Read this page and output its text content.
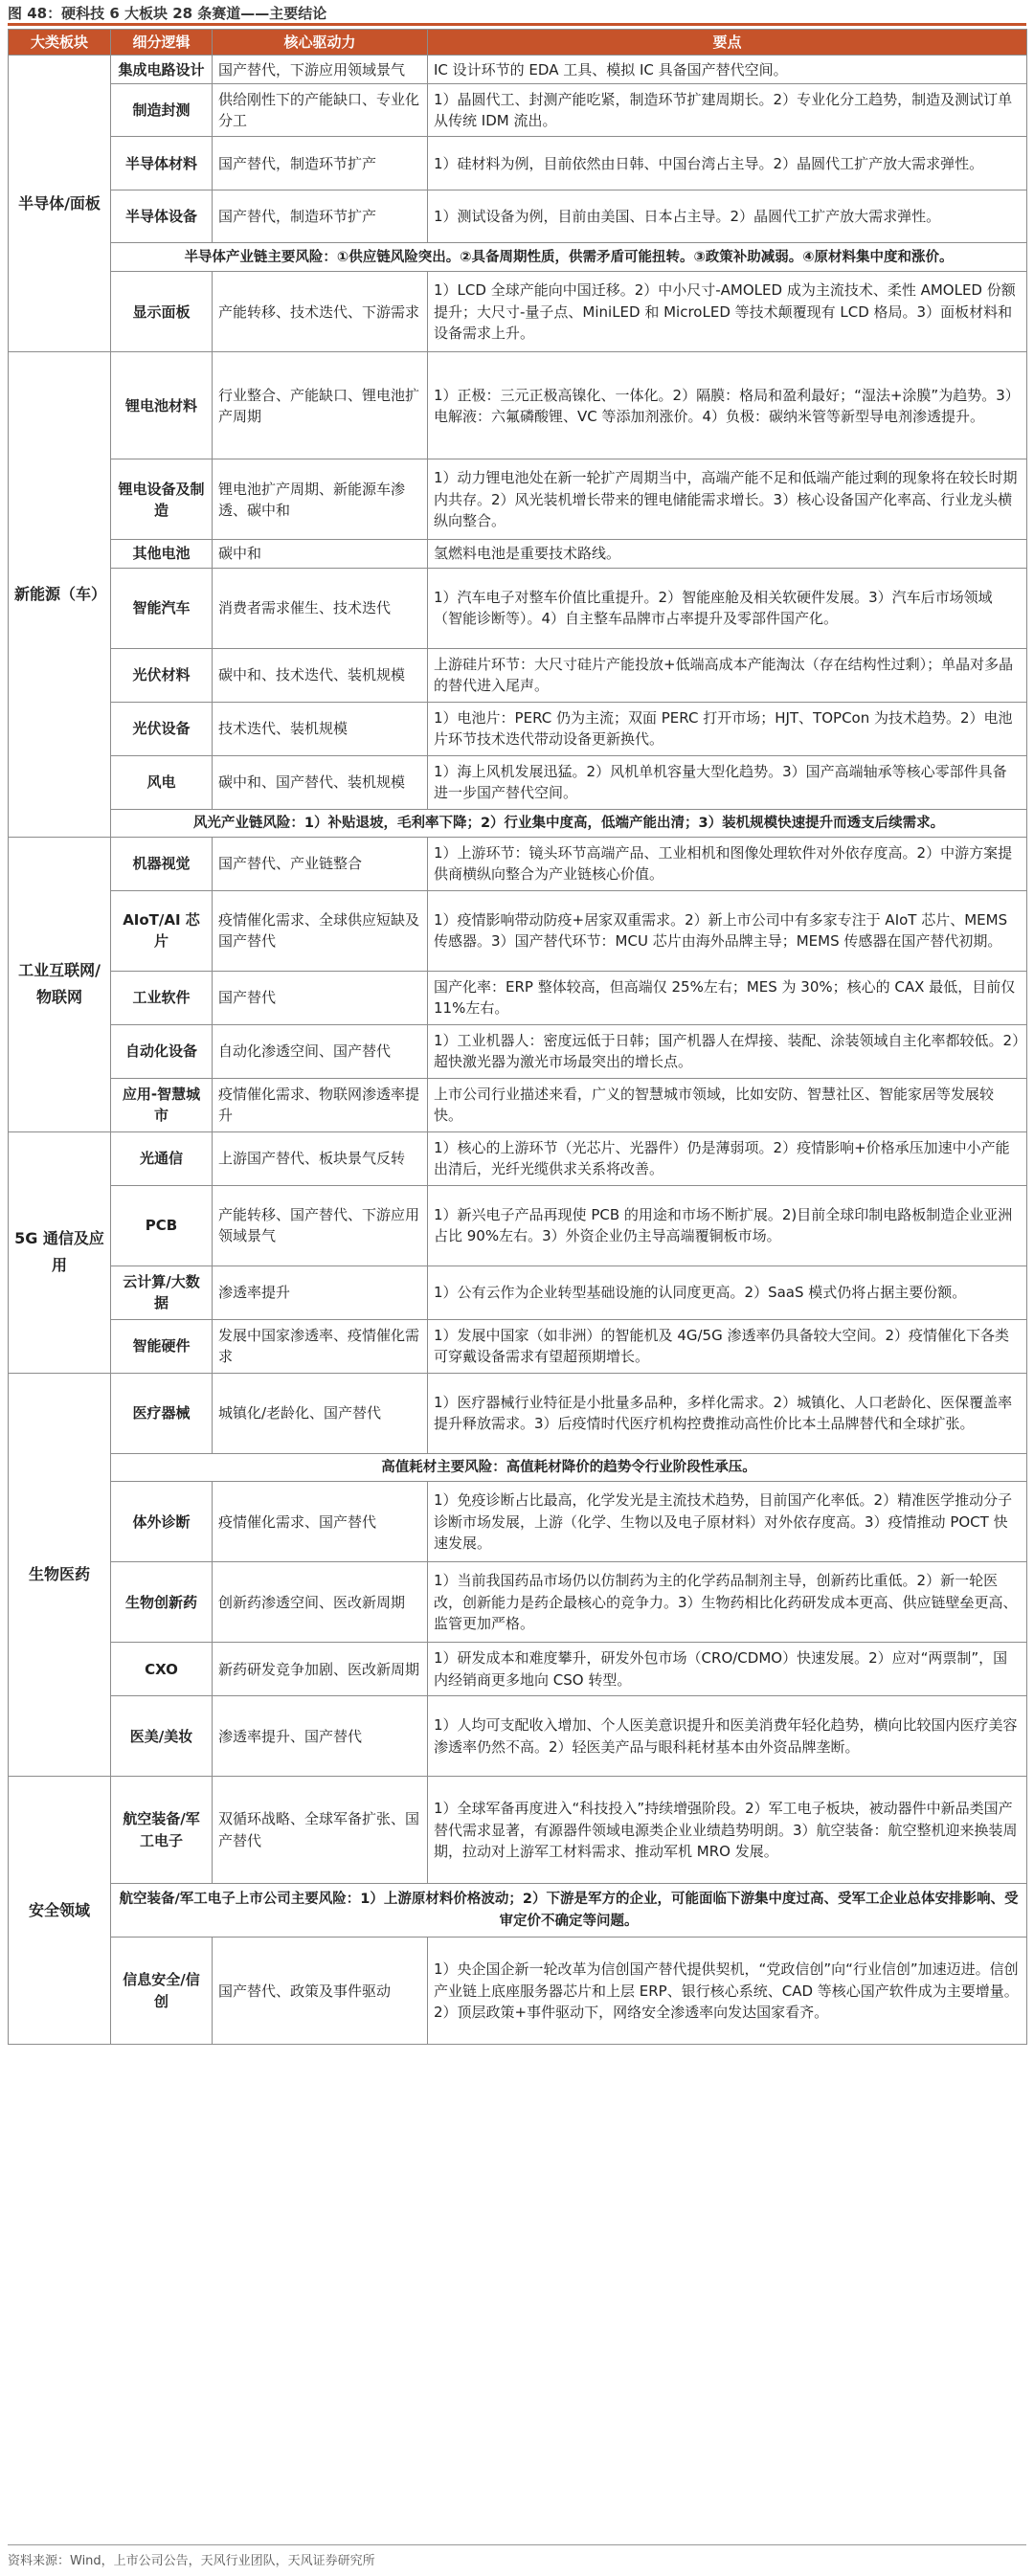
图 48：硬科技 6 大板块 28 条赛道——主要结论
大类板块	细分逻辑	核心驱动力	要点
半导体/面板	集成电路设计	国产替代，下游应用领域景气	IC 设计环节的 EDA 工具、模拟 IC 具备国产替代空间。
	制造封测	供给刚性下的产能缺口、专业化分工	1）晶圆代工、封测产能吃紧，制造环节扩建周期长。2）专业化分工趋势，制造及测试订单从传统 IDM 流出。
	半导体材料	国产替代，制造环节扩产	1）硅材料为例，目前依然由日韩、中国台湾占主导。2）晶圆代工扩产放大需求弹性。
	半导体设备	国产替代，制造环节扩产	1）测试设备为例，目前由美国、日本占主导。2）晶圆代工扩产放大需求弹性。
	半导体产业链主要风险：①供应链风险突出。②具备周期性质，供需矛盾可能扭转。③政策补助减弱。④原材料集中度和涨价。		
	显示面板	产能转移、技术迭代、下游需求	1）LCD 全球产能向中国迁移。2）中小尺寸-AMOLED 成为主流技术、柔性 AMOLED 份额提升；大尺寸-量子点、MiniLED 和 MicroLED 等技术颠覆现有 LCD 格局。3）面板材料和设备需求上升。
新能源（车）	锂电池材料	行业整合、产能缺口、锂电池扩产周期	1）正极：三元正极高镍化、一体化。2）隔膜：格局和盈利最好；“湿法+涂膜”为趋势。3）电解液：六氟磷酸锂、VC 等添加剂涨价。4）负极：碳纳米管等新型导电剂渗透提升。
	锂电设备及制造	锂电池扩产周期、新能源车渗透、碳中和	1）动力锂电池处在新一轮扩产周期当中，高端产能不足和低端产能过剩的现象将在较长时期内共存。2）风光装机增长带来的锂电储能需求增长。3）核心设备国产化率高、行业龙头横纵向整合。
	其他电池	碳中和	氢燃料电池是重要技术路线。
	智能汽车	消费者需求催生、技术迭代	1）汽车电子对整车价值比重提升。2）智能座舱及相关软硬件发展。3）汽车后市场领域（智能诊断等）。4）自主整车品牌市占率提升及零部件国产化。
	光伏材料	碳中和、技术迭代、装机规模	上游硅片环节：大尺寸硅片产能投放+低端高成本产能淘汰（存在结构性过剩）；单晶对多晶的替代进入尾声。
	光伏设备	技术迭代、装机规模	1）电池片：PERC 仍为主流；双面 PERC 打开市场；HJT、TOPCon 为技术趋势。2）电池片环节技术迭代带动设备更新换代。
	风电	碳中和、国产替代、装机规模	1）海上风机发展迅猛。2）风机单机容量大型化趋势。3）国产高端轴承等核心零部件具备进一步国产替代空间。
	风光产业链风险：1）补贴退坡，毛利率下降；2）行业集中度高，低端产能出清；3）装机规模快速提升而透支后续需求。		
工业互联网/物联网	机器视觉	国产替代、产业链整合	1）上游环节：镜头环节高端产品、工业相机和图像处理软件对外依存度高。2）中游方案提供商横纵向整合为产业链核心价值。
	AIoT/AI 芯片	疫情催化需求、全球供应短缺及国产替代	1）疫情影响带动防疫+居家双重需求。2）新上市公司中有多家专注于 AIoT 芯片、MEMS 传感器。3）国产替代环节：MCU 芯片由海外品牌主导；MEMS 传感器在国产替代初期。
	工业软件	国产替代	国产化率：ERP 整体较高，但高端仅 25%左右；MES 为 30%；核心的 CAX 最低，目前仅 11%左右。
	自动化设备	自动化渗透空间、国产替代	1）工业机器人：密度远低于日韩；国产机器人在焊接、装配、涂装领域自主化率都较低。2）超快激光器为激光市场最突出的增长点。
	应用-智慧城市	疫情催化需求、物联网渗透率提升	上市公司行业描述来看，广义的智慧城市领域，比如安防、智慧社区、智能家居等发展较快。
5G 通信及应用	光通信	上游国产替代、板块景气反转	1）核心的上游环节（光芯片、光器件）仍是薄弱项。2）疫情影响+价格承压加速中小产能出清后，光纤光缆供求关系将改善。
	PCB	产能转移、国产替代、下游应用领域景气	1）新兴电子产品再现使 PCB 的用途和市场不断扩展。2)目前全球印制电路板制造企业亚洲占比 90%左右。3）外资企业仍主导高端覆铜板市场。
	云计算/大数据	渗透率提升	1）公有云作为企业转型基础设施的认同度更高。2）SaaS 模式仍将占据主要份额。
	智能硬件	发展中国家渗透率、疫情催化需求	1）发展中国家（如非洲）的智能机及 4G/5G 渗透率仍具备较大空间。2）疫情催化下各类可穿戴设备需求有望超预期增长。
生物医药	医疗器械	城镇化/老龄化、国产替代	1）医疗器械行业特征是小批量多品种，多样化需求。2）城镇化、人口老龄化、医保覆盖率提升释放需求。3）后疫情时代医疗机构控费推动高性价比本土品牌替代和全球扩张。
	高值耗材主要风险：高值耗材降价的趋势令行业阶段性承压。		
	体外诊断	疫情催化需求、国产替代	1）免疫诊断占比最高，化学发光是主流技术趋势，目前国产化率低。2）精准医学推动分子诊断市场发展，上游（化学、生物以及电子原材料）对外依存度高。3）疫情推动 POCT 快速发展。
	生物创新药	创新药渗透空间、医改新周期	1）当前我国药品市场仍以仿制药为主的化学药品制剂主导，创新药比重低。2）新一轮医改，创新能力是药企最核心的竞争力。3）生物药相比化药研发成本更高、供应链壁垒更高、监管更加严格。
	CXO	新药研发竞争加剧、医改新周期	1）研发成本和难度攀升，研发外包市场（CRO/CDMO）快速发展。2）应对“两票制”，国内经销商更多地向 CSO 转型。
	医美/美妆	渗透率提升、国产替代	1）人均可支配收入增加、个人医美意识提升和医美消费年轻化趋势，横向比较国内医疗美容渗透率仍然不高。2）轻医美产品与眼科耗材基本由外资品牌垄断。
安全领域	航空装备/军工电子	双循环战略、全球军备扩张、国产替代	1）全球军备再度进入“科技投入”持续增强阶段。2）军工电子板块，被动器件中新品类国产替代需求显著，有源器件领域电源类企业业绩趋势明朗。3）航空装备：航空整机迎来换装周期，拉动对上游军工材料需求、推动军机 MRO 发展。
	航空装备/军工电子上市公司主要风险：1）上游原材料价格波动；2）下游是军方的企业，可能面临下游集中度过高、受军工企业总体安排影响、受审定价不确定等问题。		
	信息安全/信创	国产替代、政策及事件驱动	1）央企国企新一轮改革为信创国产替代提供契机，“党政信创”向“行业信创”加速迈进。信创产业链上底座服务器芯片和上层 ERP、银行核心系统、CAD 等核心国产软件成为主要增量。2）顶层政策+事件驱动下，网络安全渗透率向发达国家看齐。
资料来源：Wind，上市公司公告，天风行业团队，天风证券研究所
